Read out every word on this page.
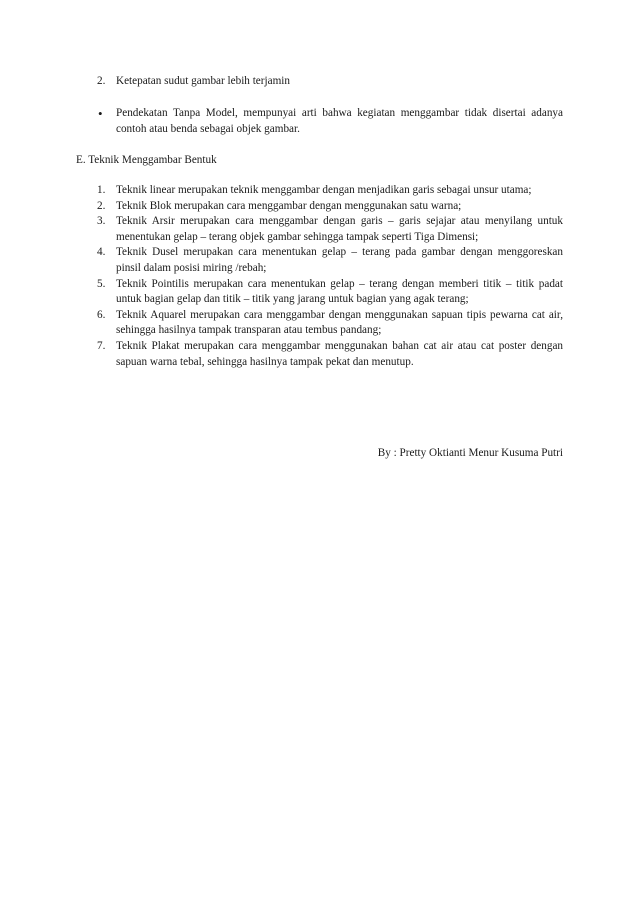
2. Ketepatan sudut gambar lebih terjamin
• Pendekatan Tanpa Model, mempunyai arti bahwa kegiatan menggambar tidak disertai adanya contoh atau benda sebagai objek gambar.
E. Teknik Menggambar Bentuk
1. Teknik linear merupakan teknik menggambar dengan menjadikan garis sebagai unsur utama;
2. Teknik Blok merupakan cara menggambar dengan menggunakan satu warna;
3. Teknik Arsir merupakan cara menggambar dengan garis – garis sejajar atau menyilang untuk menentukan gelap – terang objek gambar sehingga tampak seperti Tiga Dimensi;
4. Teknik Dusel merupakan cara menentukan gelap – terang pada gambar dengan menggoreskan pinsil dalam posisi miring /rebah;
5. Teknik Pointilis merupakan cara menentukan gelap – terang dengan memberi titik – titik padat untuk bagian gelap dan titik – titik yang jarang untuk bagian yang agak terang;
6. Teknik Aquarel merupakan cara menggambar dengan menggunakan sapuan tipis pewarna cat air, sehingga hasilnya tampak transparan atau tembus pandang;
7. Teknik Plakat merupakan cara menggambar menggunakan bahan cat air atau cat poster dengan sapuan warna tebal, sehingga hasilnya tampak pekat dan menutup.
By : Pretty Oktianti Menur Kusuma Putri
